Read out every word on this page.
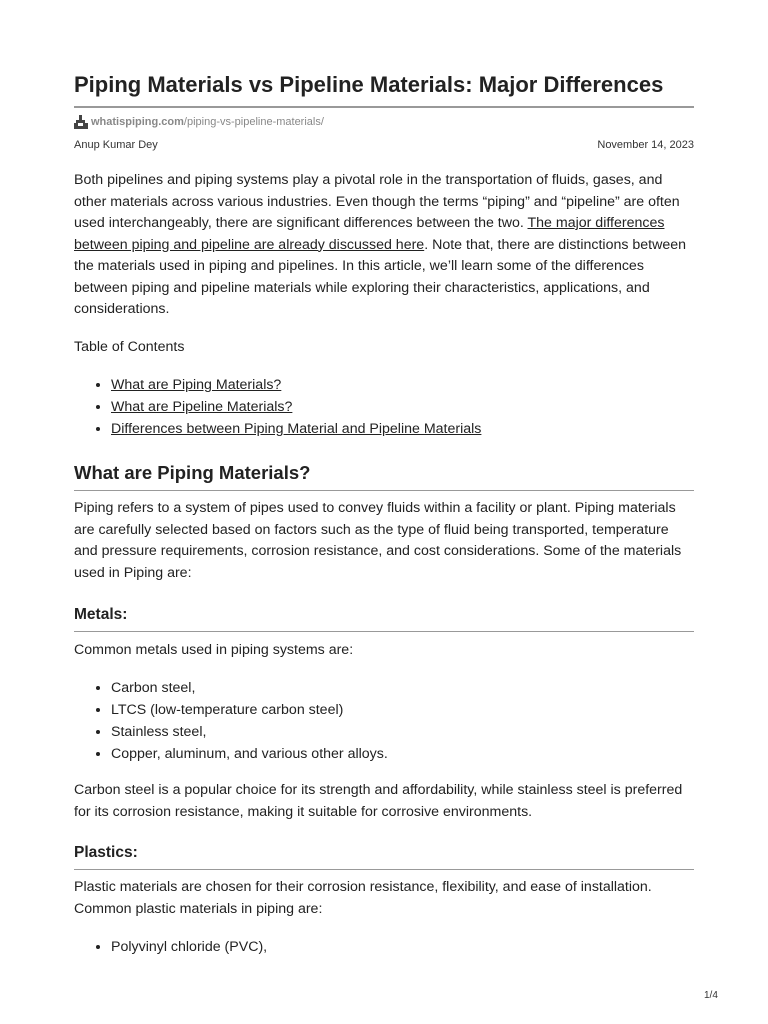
Piping Materials vs Pipeline Materials: Major Differences
whatispiping.com /piping-vs-pipeline-materials/
Anup Kumar Dey	November 14, 2023

Both pipelines and piping systems play a pivotal role in the transportation of fluids, gases, and other materials across various industries. Even though the terms “piping” and “pipeline” are often used interchangeably, there are significant differences between the two. The major differences between piping and pipeline are already discussed here. Note that, there are distinctions between the materials used in piping and pipelines. In this article, we’ll learn some of the differences between piping and pipeline materials while exploring their characteristics, applications, and considerations.

Table of Contents

• What are Piping Materials?
• What are Pipeline Materials?
• Differences between Piping Material and Pipeline Materials
What are Piping Materials?

Piping refers to a system of pipes used to convey fluids within a facility or plant. Piping materials are carefully selected based on factors such as the type of fluid being transported, temperature and pressure requirements, corrosion resistance, and cost considerations. Some of the materials used in Piping are:

Metals:

Common metals used in piping systems are:

• Carbon steel,
• LTCS (low-temperature carbon steel)
• Stainless steel,
• Copper, aluminum, and various other alloys.

Carbon steel is a popular choice for its strength and affordability, while stainless steel is preferred for its corrosion resistance, making it suitable for corrosive environments.

Plastics:

Plastic materials are chosen for their corrosion resistance, flexibility, and ease of installation. Common plastic materials in piping are:

• Polyvinyl chloride (PVC),
1/4
